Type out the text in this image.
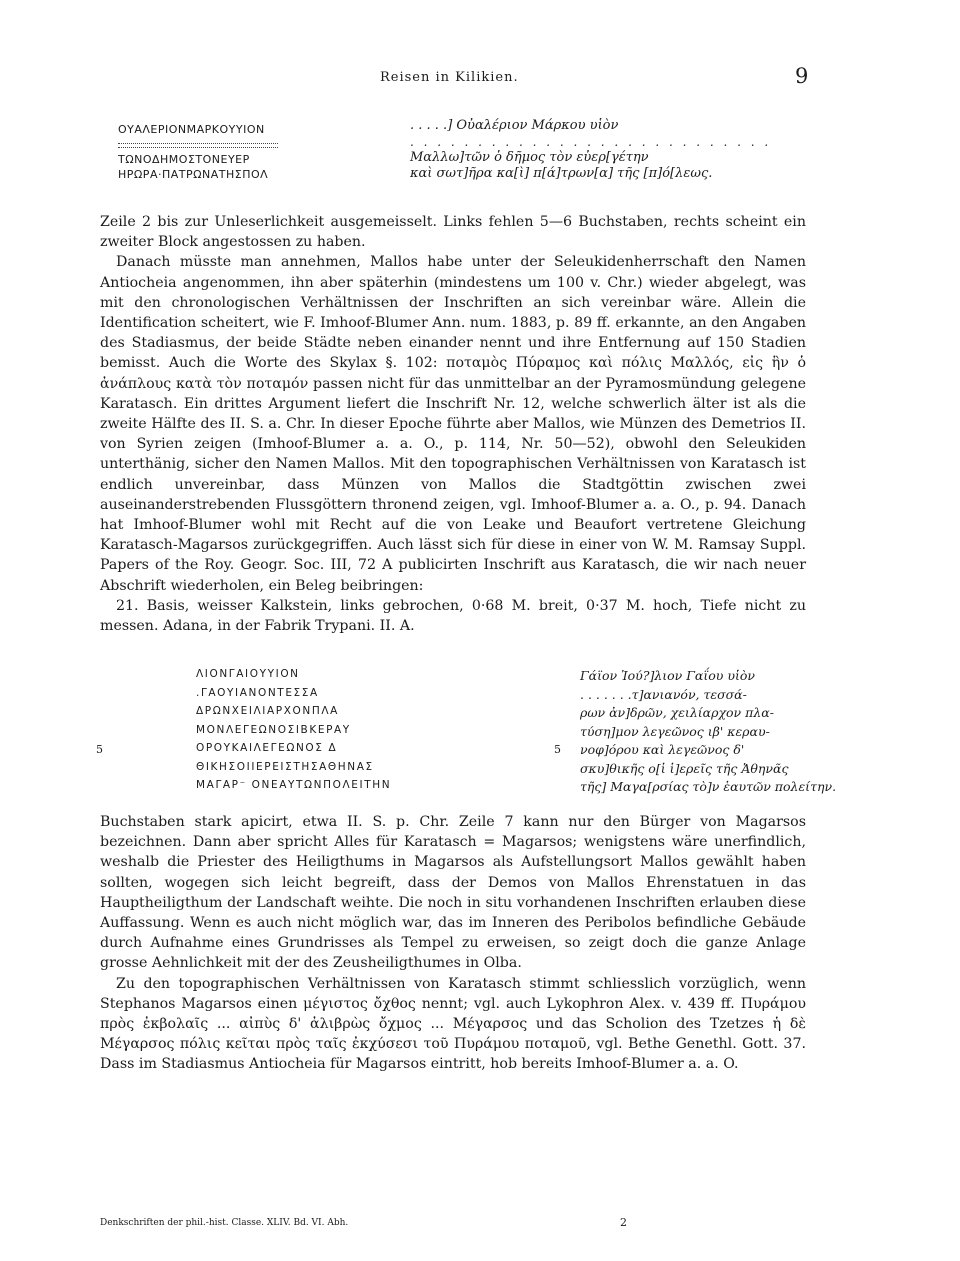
Reisen in Kilikien.	9
ΟΥΑΛΕΡΙΟΝΜΑΡΚΟΥΥΙΟΝ
ΤΩΝΟΔΗΜΟΣΤΟΝΕΥΕΡ
ΗΡΩΡΑ·ΠΑΤΡΩΝΑΤΗΣΠΟΛ
. . . . .] Οὐαλέριον Μάρκου υἱὸν
. . . . . . . . . . . . . . . . . . . . . . . . . . .
Μαλλω]τῶν ὁ δῆμος τὸν εὐερ[γέτην
καὶ σωτ]ῆρα κα[ὶ] π[ά]τρων[α] τῆς [π]ό[λεως.

Zeile 2 bis zur Unleserlichkeit ausgemeisselt. Links fehlen 5—6 Buchstaben, rechts scheint ein zweiter Block angestossen zu haben.

Danach müsste man annehmen, Mallos habe unter der Seleukidenherrschaft den Namen Antiocheia angenommen, ihn aber späterhin (mindestens um 100 v. Chr.) wieder abgelegt, was mit den chronologischen Verhältnissen der Inschriften an sich vereinbar wäre. Allein die Identification scheitert, wie F. Imhoof-Blumer Ann. num. 1883, p. 89 ff. erkannte, an den Angaben des Stadiasmus, der beide Städte neben einander nennt und ihre Entfernung auf 150 Stadien bemisst. Auch die Worte des Skylax §. 102: ποταμὸς Πύραμος καὶ πόλις Μαλλός, εἰς ἣν ὁ ἀνάπλους κατὰ τὸν ποταμόν passen nicht für das unmittelbar an der Pyramosmündung gelegene Karatasch. Ein drittes Argument liefert die Inschrift Nr. 12, welche schwerlich älter ist als die zweite Hälfte des II. S. a. Chr. In dieser Epoche führte aber Mallos, wie Münzen des Demetrios II. von Syrien zeigen (Imhoof-Blumer a. a. O., p. 114, Nr. 50—52), obwohl den Seleukiden unterthänig, sicher den Namen Mallos. Mit den topographischen Verhältnissen von Karatasch ist endlich unvereinbar, dass Münzen von Mallos die Stadtgöttin zwischen zwei auseinanderstrebenden Flussgöttern thronend zeigen, vgl. Imhoof-Blumer a. a. O., p. 94. Danach hat Imhoof-Blumer wohl mit Recht auf die von Leake und Beaufort vertretene Gleichung Karatasch-Magarsos zurückgegriffen. Auch lässt sich für diese in einer von W. M. Ramsay Suppl. Papers of the Roy. Geogr. Soc. III, 72 A publicirten Inschrift aus Karatasch, die wir nach neuer Abschrift wiederholen, ein Beleg beibringen:

21. Basis, weisser Kalkstein, links gebrochen, 0·68 M. breit, 0·37 M. hoch, Tiefe nicht zu messen. Adana, in der Fabrik Trypani. II. A.

ΛΙΟΝΓΑΙΟΥΥΙΟΝ
.ΓΑΟΥΙΑΝΟΝΤΕΣΣΑ
ΔΡΩΝΧΕΙΛΙΑΡΧΟΝΠΛΑ
ΜΟΝΛΕΓΕΩΝΟΣΙΒΚΕΡΑΥ
5	ΟΡΟΥΚΑΙΛΕΓΕΩΝΟΣ Δ
ΘΙΚΗΣΟΙΙΕΡΕΙΣΤΗΣΑΘΗΝΑΣ
ΜΑΓΑΡ⁻ ΟΝΕΑΥΤΩΝΠΟΛΕΙΤΗΝ
Γάϊον Ἰού?]λιον Γαΐου υἱὸν
. . . . . . .τ]ανιανόν, τεσσά-
ρων ἀν]δρῶν, χειλίαρχον πλα-
τύση]μον λεγεῶνος ιβ' κεραυ-
5 νοφ]όρου καὶ λεγεῶνος δ'
σκυ]θικῆς ο[ἱ ἱ]ερεῖς τῆς Ἀθηνᾶς
τῆς] Μαγα[ρσίας τὸ]ν ἑαυτῶν πολείτην.

Buchstaben stark apicirt, etwa II. S. p. Chr. Zeile 7 kann nur den Bürger von Magarsos bezeichnen. Dann aber spricht Alles für Karatasch = Magarsos; wenigstens wäre unerfindlich, weshalb die Priester des Heiligthums in Magarsos als Aufstellungsort Mallos gewählt haben sollten, wogegen sich leicht begreift, dass der Demos von Mallos Ehrenstatuen in das Hauptheiligthum der Landschaft weihte. Die noch in situ vorhandenen Inschriften erlauben diese Auffassung. Wenn es auch nicht möglich war, das im Inneren des Peribolos befindliche Gebäude durch Aufnahme eines Grundrisses als Tempel zu erweisen, so zeigt doch die ganze Anlage grosse Aehnlichkeit mit der des Zeusheiligthumes in Olba.

Zu den topographischen Verhältnissen von Karatasch stimmt schliesslich vorzüglich, wenn Stephanos Magarsos einen μέγιστος ὄχθος nennt; vgl. auch Lykophron Alex. v. 439 ff. Πυράμου πρὸς ἐκβολαῖς ... αἰπὺς δ' ἀλιβρὼς ὄχμος ... Μέγαρσος und das Scholion des Tzetzes ἡ δὲ Μέγαρσος πόλις κεῖται πρὸς ταῖς ἐκχύσεσι τοῦ Πυράμου ποταμοῦ, vgl. Bethe Genethl. Gott. 37. Dass im Stadiasmus Antiocheia für Magarsos eintritt, hob bereits Imhoof-Blumer a. a. O.

Denkschriften der phil.-hist. Classe. XLIV. Bd. VI. Abh.	2
